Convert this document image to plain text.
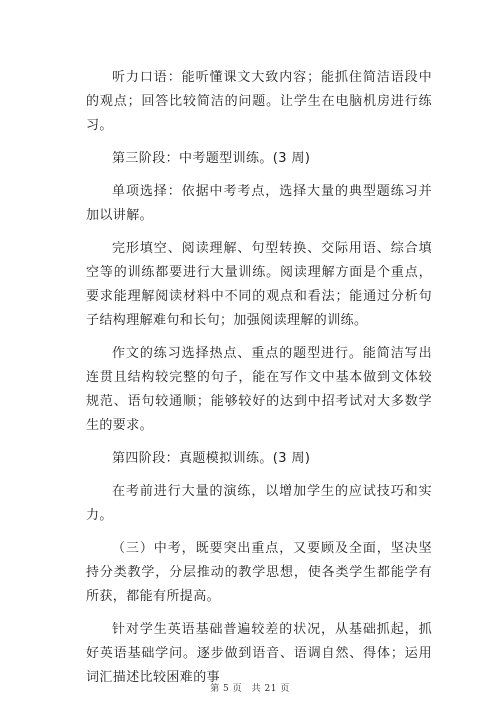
听力口语：能听懂课文大致内容；能抓住简洁语段中的观点；回答比较简洁的问题。让学生在电脑机房进行练习。

第三阶段：中考题型训练。(3 周)

单项选择：依据中考考点，选择大量的典型题练习并加以讲解。

完形填空、阅读理解、句型转换、交际用语、综合填空等的训练都要进行大量训练。阅读理解方面是个重点，要求能理解阅读材料中不同的观点和看法；能通过分析句子结构理解难句和长句；加强阅读理解的训练。

作文的练习选择热点、重点的题型进行。能简洁写出连贯且结构较完整的句子，能在写作文中基本做到文体较规范、语句较通顺；能够较好的达到中招考试对大多数学生的要求。

第四阶段：真题模拟训练。(3 周)

在考前进行大量的演练，以增加学生的应试技巧和实力。

（三）中考，既要突出重点，又要顾及全面，坚决坚持分类教学，分层推动的教学思想，使各类学生都能学有所获，都能有所提高。

针对学生英语基础普遍较差的状况，从基础抓起，抓好英语基础学问。逐步做到语音、语调自然、得体；运用词汇描述比较困难的事

第 5 页　共 21 页
